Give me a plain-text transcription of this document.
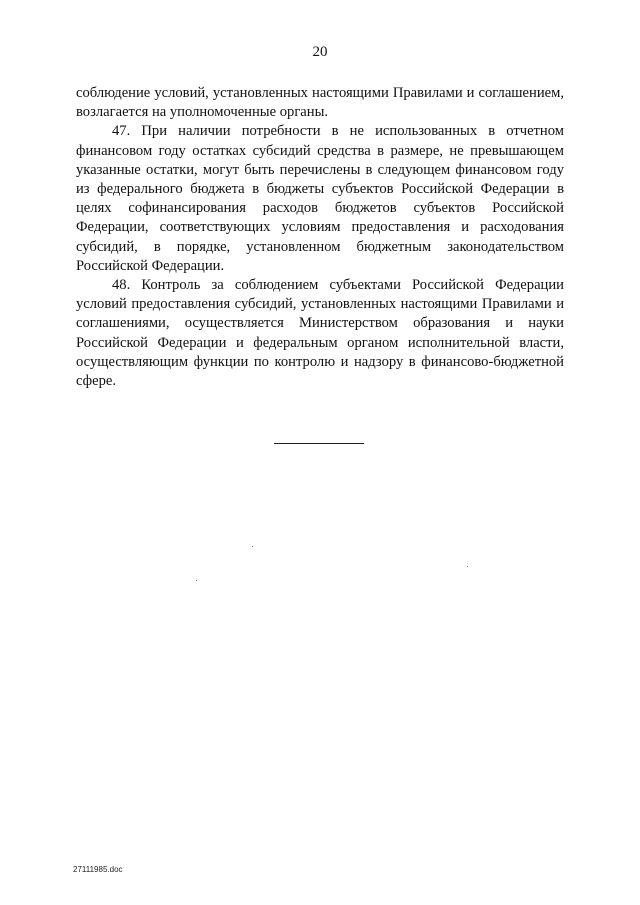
20

соблюдение условий, установленных настоящими Правилами и соглашением, возлагается на уполномоченные органы.

47. При наличии потребности в не использованных в отчетном финансовом году остатках субсидий средства в размере, не превышающем указанные остатки, могут быть перечислены в следующем финансовом году из федерального бюджета в бюджеты субъектов Российской Федерации в целях софинансирования расходов бюджетов субъектов Российской Федерации, соответствующих условиям предоставления и расходования субсидий, в порядке, установленном бюджетным законодательством Российской Федерации.

48. Контроль за соблюдением субъектами Российской Федерации условий предоставления субсидий, установленных настоящими Правилами и соглашениями, осуществляется Министерством образования и науки Российской Федерации и федеральным органом исполнительной власти, осуществляющим функции по контролю и надзору в финансово-бюджетной сфере.

27111985.doc
